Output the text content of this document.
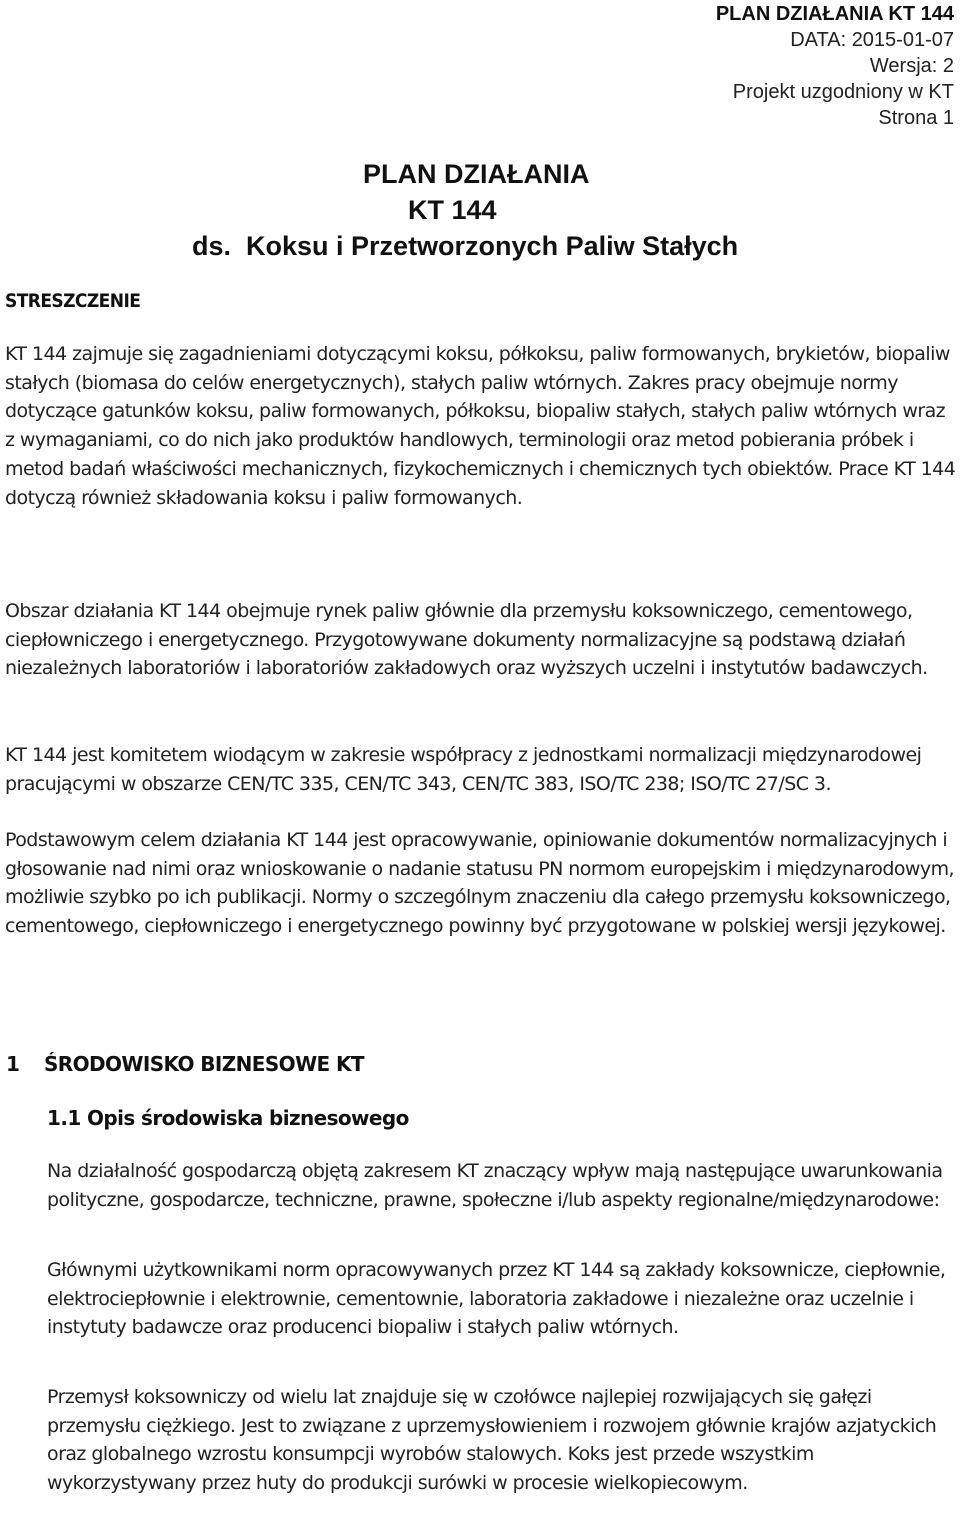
PLAN DZIAŁANIA KT 144
DATA: 2015-01-07
Wersja: 2
Projekt uzgodniony w KT
Strona 1
PLAN DZIAŁANIA
KT 144
ds.  Koksu i Przetworzonych Paliw Stałych
STRESZCZENIE
KT 144 zajmuje się zagadnieniami dotyczącymi koksu, półkoksu, paliw formowanych, brykietów, biopaliw stałych (biomasa do celów energetycznych), stałych paliw wtórnych. Zakres pracy obejmuje normy dotyczące gatunków koksu, paliw formowanych, półkoksu, biopaliw stałych, stałych paliw wtórnych wraz z wymaganiami, co do nich jako produktów handlowych, terminologii oraz metod pobierania próbek i metod badań właściwości mechanicznych, fizykochemicznych i chemicznych tych obiektów. Prace KT 144 dotyczą również składowania koksu i paliw formowanych.
Obszar działania KT 144 obejmuje rynek paliw głównie dla przemysłu koksowniczego, cementowego, ciepłowniczego i energetycznego. Przygotowywane dokumenty normalizacyjne są podstawą działań niezależnych laboratoriów i laboratoriów zakładowych oraz wyższych uczelni i instytutów badawczych.
KT 144 jest komitetem wiodącym w zakresie współpracy z jednostkami normalizacji międzynarodowej pracującymi w obszarze CEN/TC 335, CEN/TC 343, CEN/TC 383, ISO/TC 238; ISO/TC 27/SC 3.
Podstawowym celem działania KT 144 jest opracowywanie, opiniowanie dokumentów normalizacyjnych i głosowanie nad nimi oraz wnioskowanie o nadanie statusu PN normom europejskim i międzynarodowym, możliwie szybko po ich publikacji. Normy o szczególnym znaczeniu dla całego przemysłu koksowniczego, cementowego, ciepłowniczego i energetycznego powinny być przygotowane w polskiej wersji językowej.
1 ŚRODOWISKO BIZNESOWE KT
1.1 Opis środowiska biznesowego
Na działalność gospodarczą objętą zakresem KT znaczący wpływ mają następujące uwarunkowania polityczne, gospodarcze, techniczne, prawne, społeczne i/lub aspekty regionalne/międzynarodowe:
Głównymi użytkownikami norm opracowywanych przez KT 144 są zakłady koksownicze, ciepłownie, elektrociepłownie i elektrownie, cementownie, laboratoria zakładowe i niezależne oraz uczelnie i instytuty badawcze oraz producenci biopaliw i stałych paliw wtórnych.
Przemysł koksowniczy od wielu lat znajduje się w czołówce najlepiej rozwijających się gałęzi przemysłu ciężkiego. Jest to związane z uprzemysłowieniem i rozwojem głównie krajów azjatyckich oraz globalnego wzrostu konsumpcji wyrobów stalowych. Koks jest przede wszystkim wykorzystywany przez huty do produkcji surówki w procesie wielkopiecowym.
